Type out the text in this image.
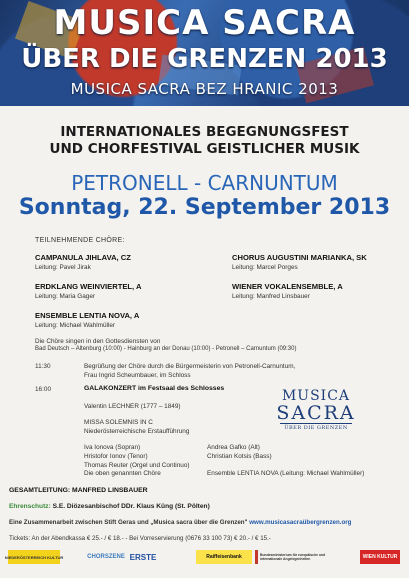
MUSICA SACRA
ÜBER DIE GRENZEN 2013
MUSICA SACRA BEZ HRANIC 2013
INTERNATIONALES BEGEGNUNGSFEST
UND CHORFESTIVAL GEISTLICHER MUSIK
PETRONELL - CARNUNTUM
Sonntag, 22. September 2013
TEILNEHMENDE CHÖRE:
CAMPANULA JIHLAVA, CZ
Leitung: Pavel Jirak
CHORUS AUGUSTINI MARIANKA, SK
Leitung: Marcel Porges
ERDKLANG WEINVIERTEL, A
Leitung: Maria Gager
WIENER VOKALENSEMBLE, A
Leitung: Manfred Linsbauer
ENSEMBLE LENTIA NOVA, A
Leitung: Michael Wahlmüller
Die Chöre singen in den Gottesdiensten von
Bad Deutsch – Altenburg (10:00) - Hainburg an der Donau (10:00) - Petronell – Carnuntum (09:30)
11:30	Begrüßung der Chöre durch die Bürgermeisterin von Petronell-Carnuntum,
Frau Ingrid Scheumbauer, im Schloss
16:00	GALAKONZERT im Festsaal des Schlosses
Valentin LECHNER (1777 – 1849)
MISSA SOLEMNIS IN C
Niederösterreichische Erstaufführung
Iva Ionova (Sopran)
Hristofor Ionov (Tenor)
Thomas Reuter (Orgel und Continuo)
Die oben genannten Chöre
Andrea Gafko (Alt)
Christian Kotsis (Bass)
Ensemble LENTIA NOVA (Leitung: Michael Wahlmüller)
MUSICA
SACRA
ÜBER DIE GRENZEN
GESAMTLEITUNG: MANFRED LINSBAUER
Ehrenschutz: S.E. Diözesanbischof DDr. Klaus Küng (St. Pölten)
Eine Zusammenarbeit zwischen Stift Geras und „Musica sacra über die Grenzen" www.musicasacraübergrenzen.org
Tickets: An der Abendkassa € 25.- / € 18.- - Bei Vorreservierung (0676 33 100 73) € 20.- / € 15.-
NIEDERÖSTERREICH KULTUR	CHORSZENE ERSTE	Raiffeisenbank	Bundesministerium für europäische und internationale Angelegenheiten	WIEN KULTUR
